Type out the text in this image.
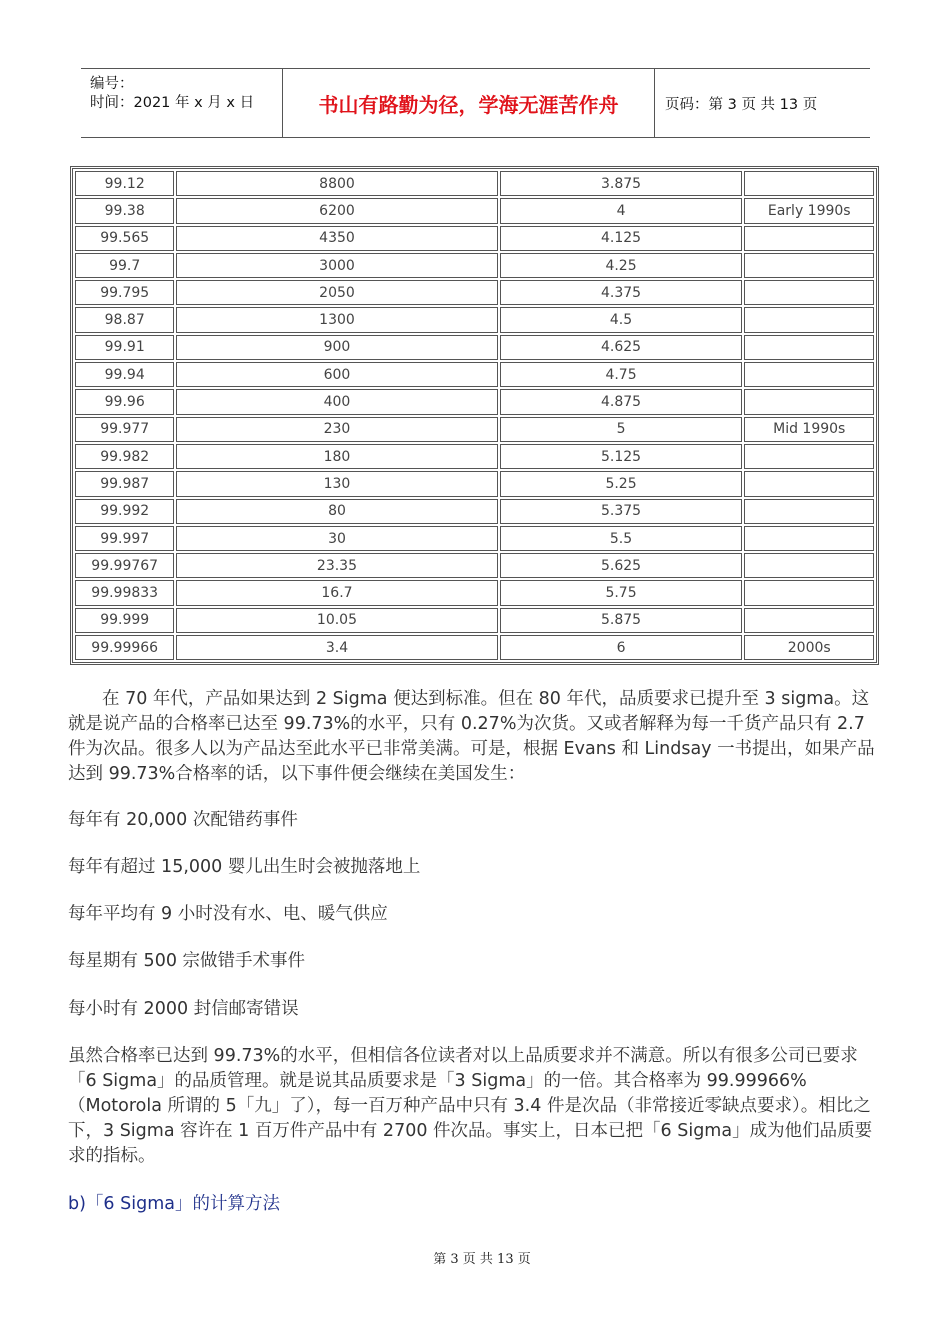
编号：
时间：2021 年 x 月 x 日	书山有路勤为径，学海无涯苦作舟	页码：第 3 页 共 13 页
99.12	8800	3.875	
99.38	6200	4	Early 1990s
99.565	4350	4.125	
99.7	3000	4.25	
99.795	2050	4.375	
98.87	1300	4.5	
99.91	900	4.625	
99.94	600	4.75	
99.96	400	4.875	
99.977	230	5	Mid 1990s
99.982	180	5.125	
99.987	130	5.25	
99.992	80	5.375	
99.997	30	5.5	
99.99767	23.35	5.625	
99.99833	16.7	5.75	
99.999	10.05	5.875	
99.99966	3.4	6	2000s
在 70 年代，产品如果达到 2 Sigma 便达到标准。但在 80 年代，品质要求已提升至 3 sigma。这就是说产品的合格率已达至 99.73%的水平，只有 0.27%为次货。又或者解释为每一千货产品只有 2.7 件为次品。很多人以为产品达至此水平已非常美满。可是，根据 Evans 和 Lindsay 一书提出，如果产品达到 99.73%合格率的话，以下事件便会继续在美国发生：
每年有 20,000 次配错药事件
每年有超过 15,000 婴儿出生时会被抛落地上
每年平均有 9 小时没有水、电、暖气供应
每星期有 500 宗做错手术事件
每小时有 2000 封信邮寄错误
虽然合格率已达到 99.73%的水平，但相信各位读者对以上品质要求并不满意。所以有很多公司已要求「6 Sigma」的品质管理。就是说其品质要求是「3 Sigma」的一倍。其合格率为 99.99966%（Motorola 所谓的 5「九」了），每一百万种产品中只有 3.4 件是次品（非常接近零缺点要求）。相比之下，3 Sigma 容许在 1 百万件产品中有 2700 件次品。事实上，日本已把「6 Sigma」成为他们品质要求的指标。
b)「6 Sigma」的计算方法
第 3 页 共 13 页
